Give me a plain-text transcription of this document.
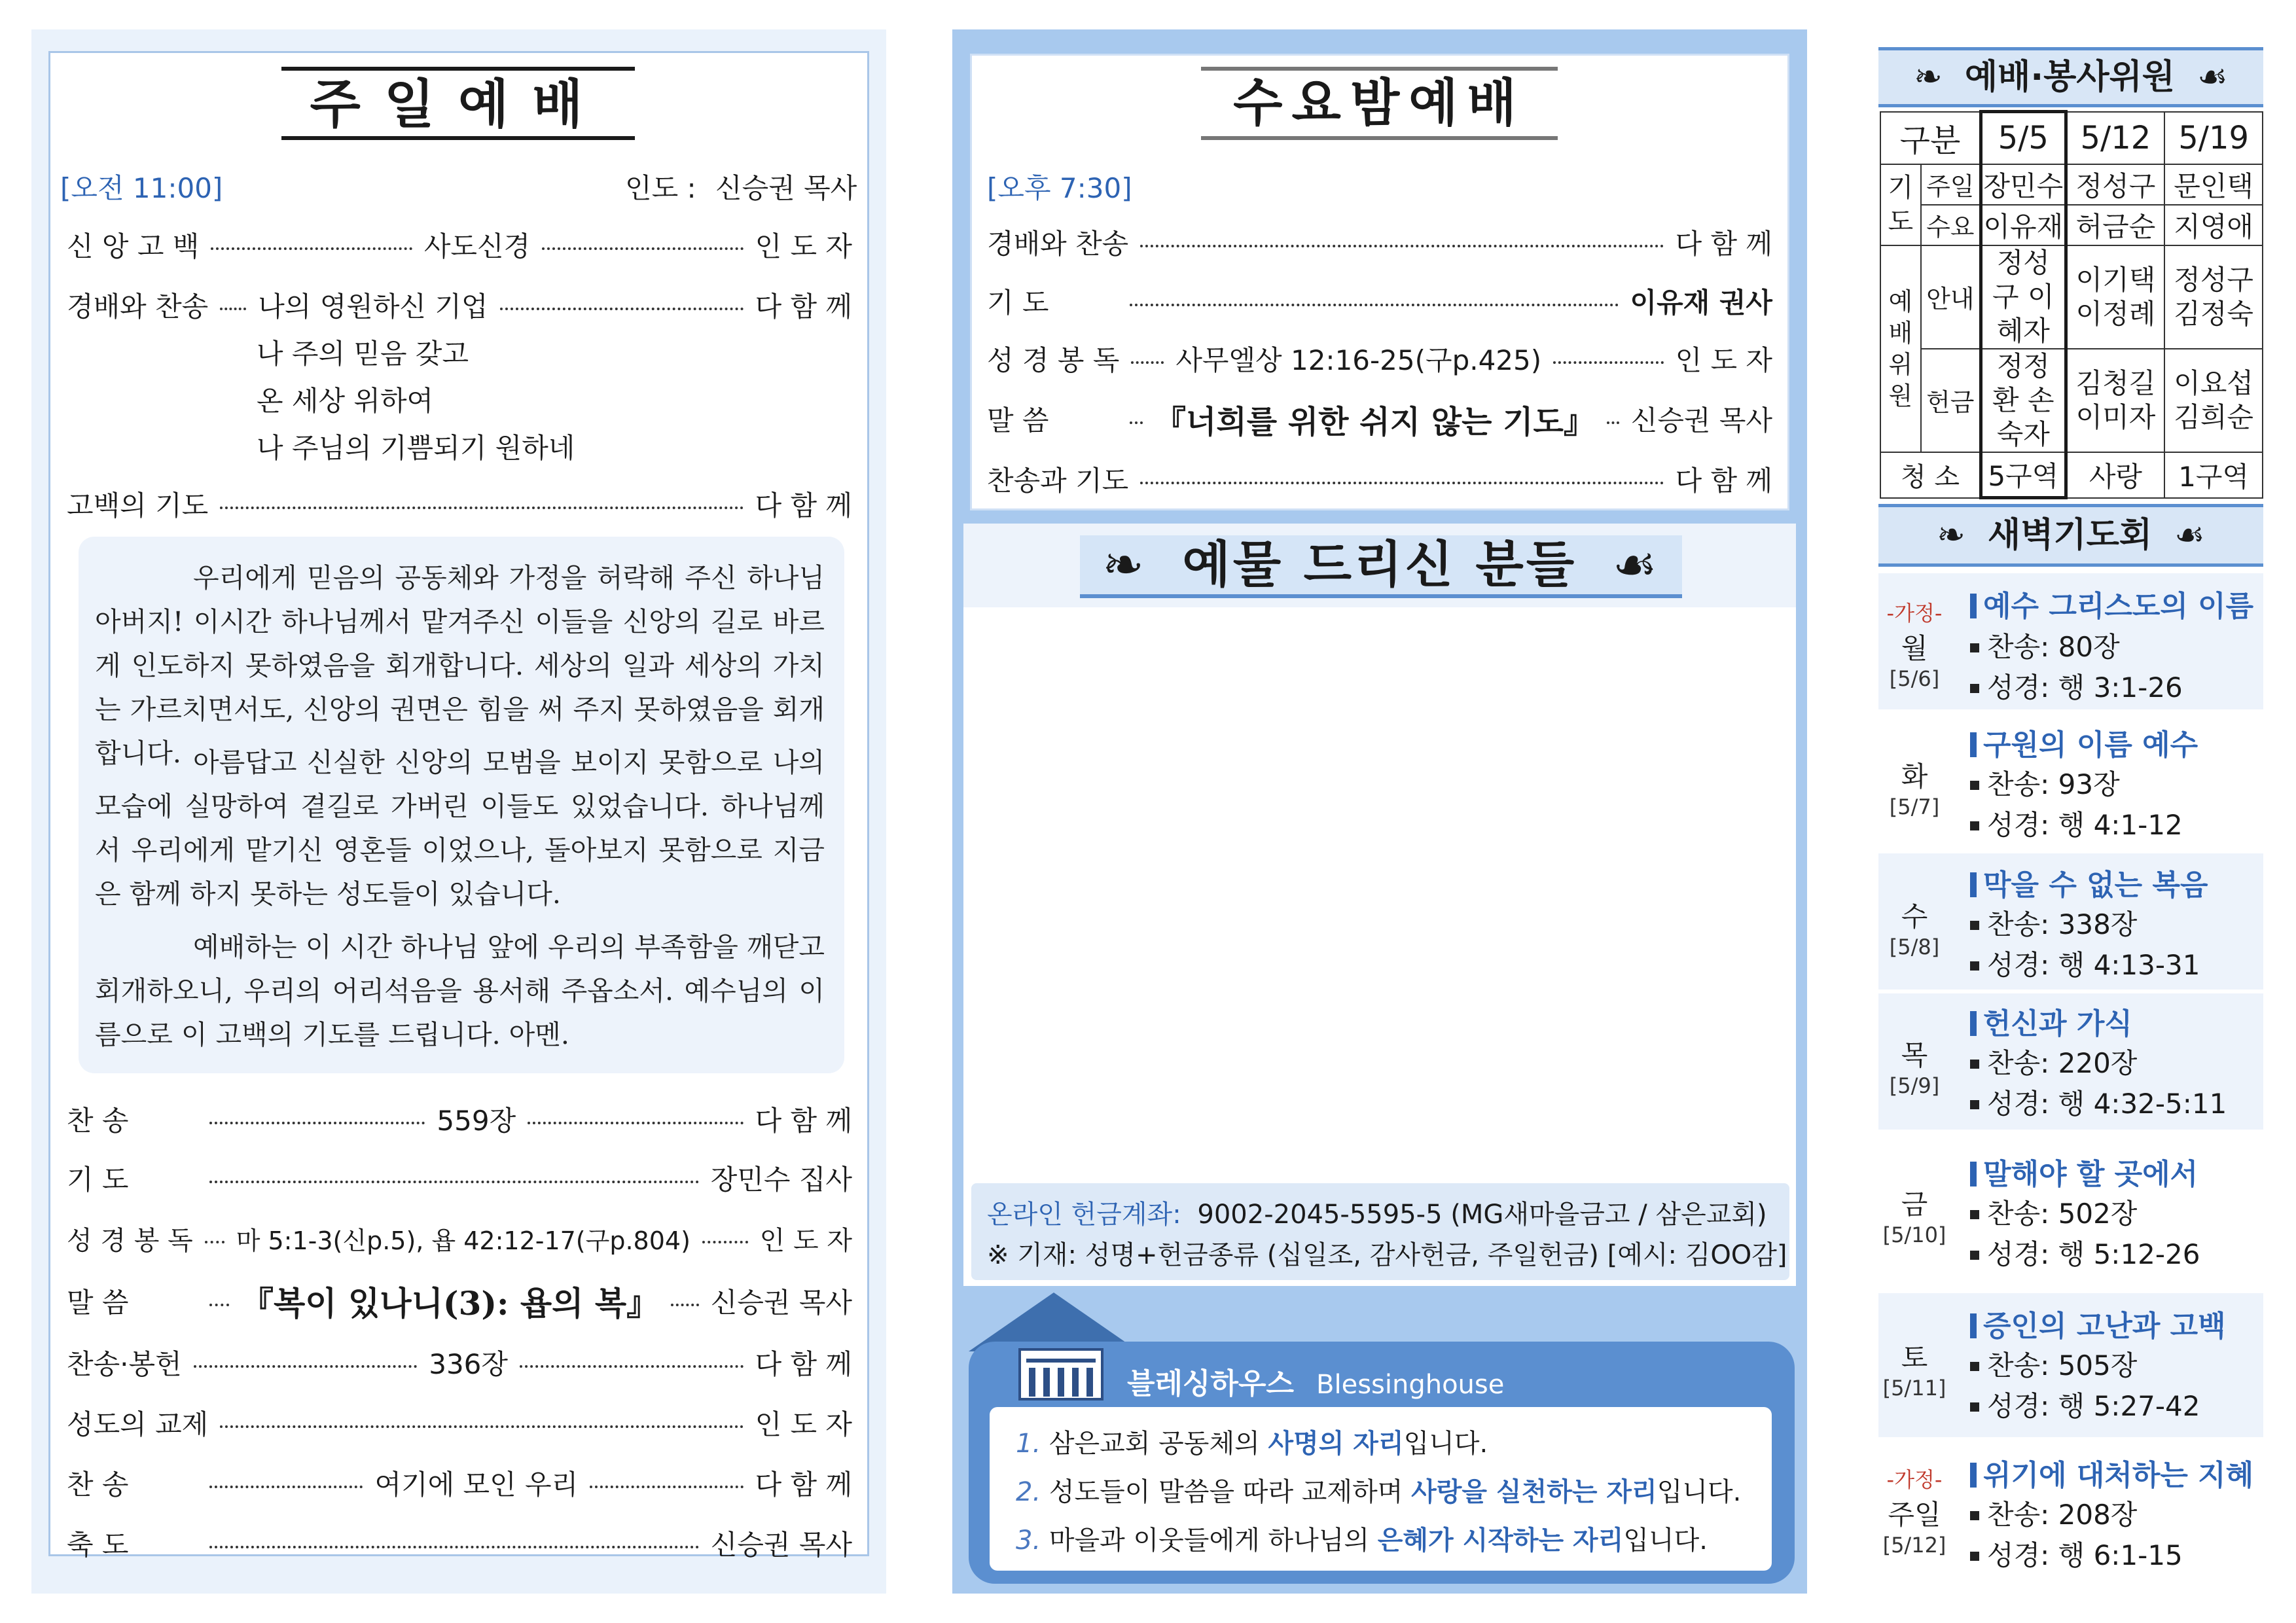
주일예배
[오전 11:00]	인도 : 신승권 목사
신 앙 고 백	사도신경	인 도 자
경배와 찬송 나의 영원하신 기업	다 함 께
나 주의 믿음 갖고
온 세상 위하여
나 주님의 기쁨되기 원하네
고백의 기도	다 함 께
우리에게 믿음의 공동체와 가정을 허락해 주신 하나님 아버지! 이시간 하나님께서 맡겨주신 이들을 신앙의 길로 바르게 인도하지 못하였음을 회개합니다. 세상의 일과 세상의 가치는 가르치면서도, 신앙의 권면은 힘을 써 주지 못하였음을 회개합니다. 아름답고 신실한 신앙의 모범을 보이지 못함으로 나의 모습에 실망하여 곁길로 가버린 이들도 있었습니다. 하나님께서 우리에게 맡기신 영혼들 이었으나, 돌아보지 못함으로 지금은 함께 하지 못하는 성도들이 있습니다.
예배하는 이 시간 하나님 앞에 우리의 부족함을 깨닫고 회개하오니, 우리의 어리석음을 용서해 주옵소서. 예수님의 이름으로 이 고백의 기도를 드립니다. 아멘.
찬 송	559장	다 함 께
기 도	장민수 집사
성 경 봉 독 마 5:1-3(신p.5), 욥 42:12-17(구p.804)	인 도 자
말 씀	『복이 있나니(3): 욥의 복』 신승권 목사
찬송·봉헌	336장	다 함 께
성도의 교제	인 도 자
찬 송	여기에 모인 우리	다 함 께
축 도	신승권 목사
수요밤예배
[오후 7:30]
경배와 찬송	다 함 께
기 도	이유재 권사
성 경 봉 독 사무엘상 12:16-25(구p.425)	인 도 자
말 씀	『너희를 위한 쉬지 않는 기도』 신승권 목사
찬송과 기도	다 함 께
❧ 예물 드리신 분들 ☙
온라인 헌금계좌: 9002-2045-5595-5 (MG새마을금고 / 삼은교회)
※ 기재: 성명+헌금종류 (십일조, 감사헌금, 주일헌금) [예시: 김OO감]
블레싱하우스 Blessinghouse
1. 삼은교회 공동체의 사명의 자리입니다.
2. 성도들이 말씀을 따라 교제하며 사랑을 실천하는 자리입니다.
3. 마을과 이웃들에게 하나님의 은혜가 시작하는 자리입니다.
❧ 예배·봉사위원 ☙
구분		5/5	5/12	5/19
기도	주일	장민수	정성구	문인택
	수요	이유재	허금순	지영애
예배위원	안내	정성구 이혜자	이기택 이정례	정성구 김정숙
	헌금	정정환 손숙자	김청길 이미자	이요섭 김희순
청 소		5구역	사랑	1구역
❧ 새벽기도회 ☙
-가정-
월
[5/6]
예수 그리스도의 이름
찬송: 80장
성경: 행 3:1-26
화
[5/7]
구원의 이름 예수
찬송: 93장
성경: 행 4:1-12
수
[5/8]
막을 수 없는 복음
찬송: 338장
성경: 행 4:13-31
목
[5/9]
헌신과 가식
찬송: 220장
성경: 행 4:32-5:11
금
[5/10]
말해야 할 곳에서
찬송: 502장
성경: 행 5:12-26
토
[5/11]
증인의 고난과 고백
찬송: 505장
성경: 행 5:27-42
-가정-
주일
[5/12]
위기에 대처하는 지혜
찬송: 208장
성경: 행 6:1-15
